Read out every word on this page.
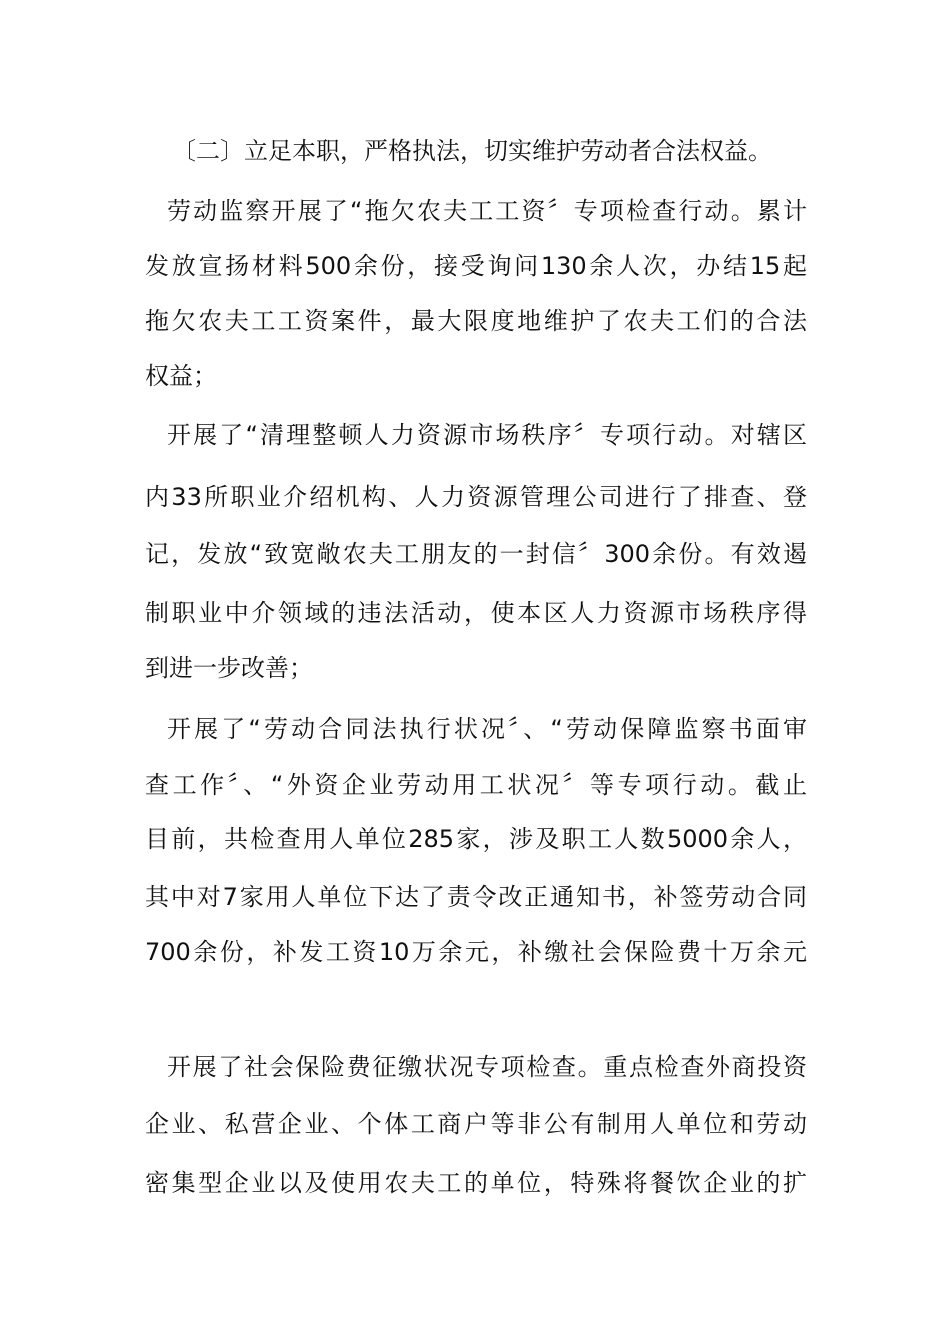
〔二〕立足本职，严格执法，切实维护劳动者合法权益。
劳动监察开展了“拖欠农夫工工资〞专项检查行动。累计
发放宣扬材料500余份，接受询问130余人次，办结15起
拖欠农夫工工资案件，最大限度地维护了农夫工们的合法
权益；
开展了“清理整顿人力资源市场秩序〞专项行动。对辖区
内33所职业介绍机构、人力资源管理公司进行了排查、登
记，发放“致宽敞农夫工朋友的一封信〞300余份。有效遏
制职业中介领域的违法活动，使本区人力资源市场秩序得
到进一步改善；
开展了“劳动合同法执行状况〞、“劳动保障监察书面审
查工作〞、“外资企业劳动用工状况〞等专项行动。截止
目前，共检查用人单位285家，涉及职工人数5000余人，
其中对7家用人单位下达了责令改正通知书，补签劳动合同
700余份，补发工资10万余元，补缴社会保险费十万余元
开展了社会保险费征缴状况专项检查。重点检查外商投资
企业、私营企业、个体工商户等非公有制用人单位和劳动
密集型企业以及使用农夫工的单位，特殊将餐饮企业的扩
